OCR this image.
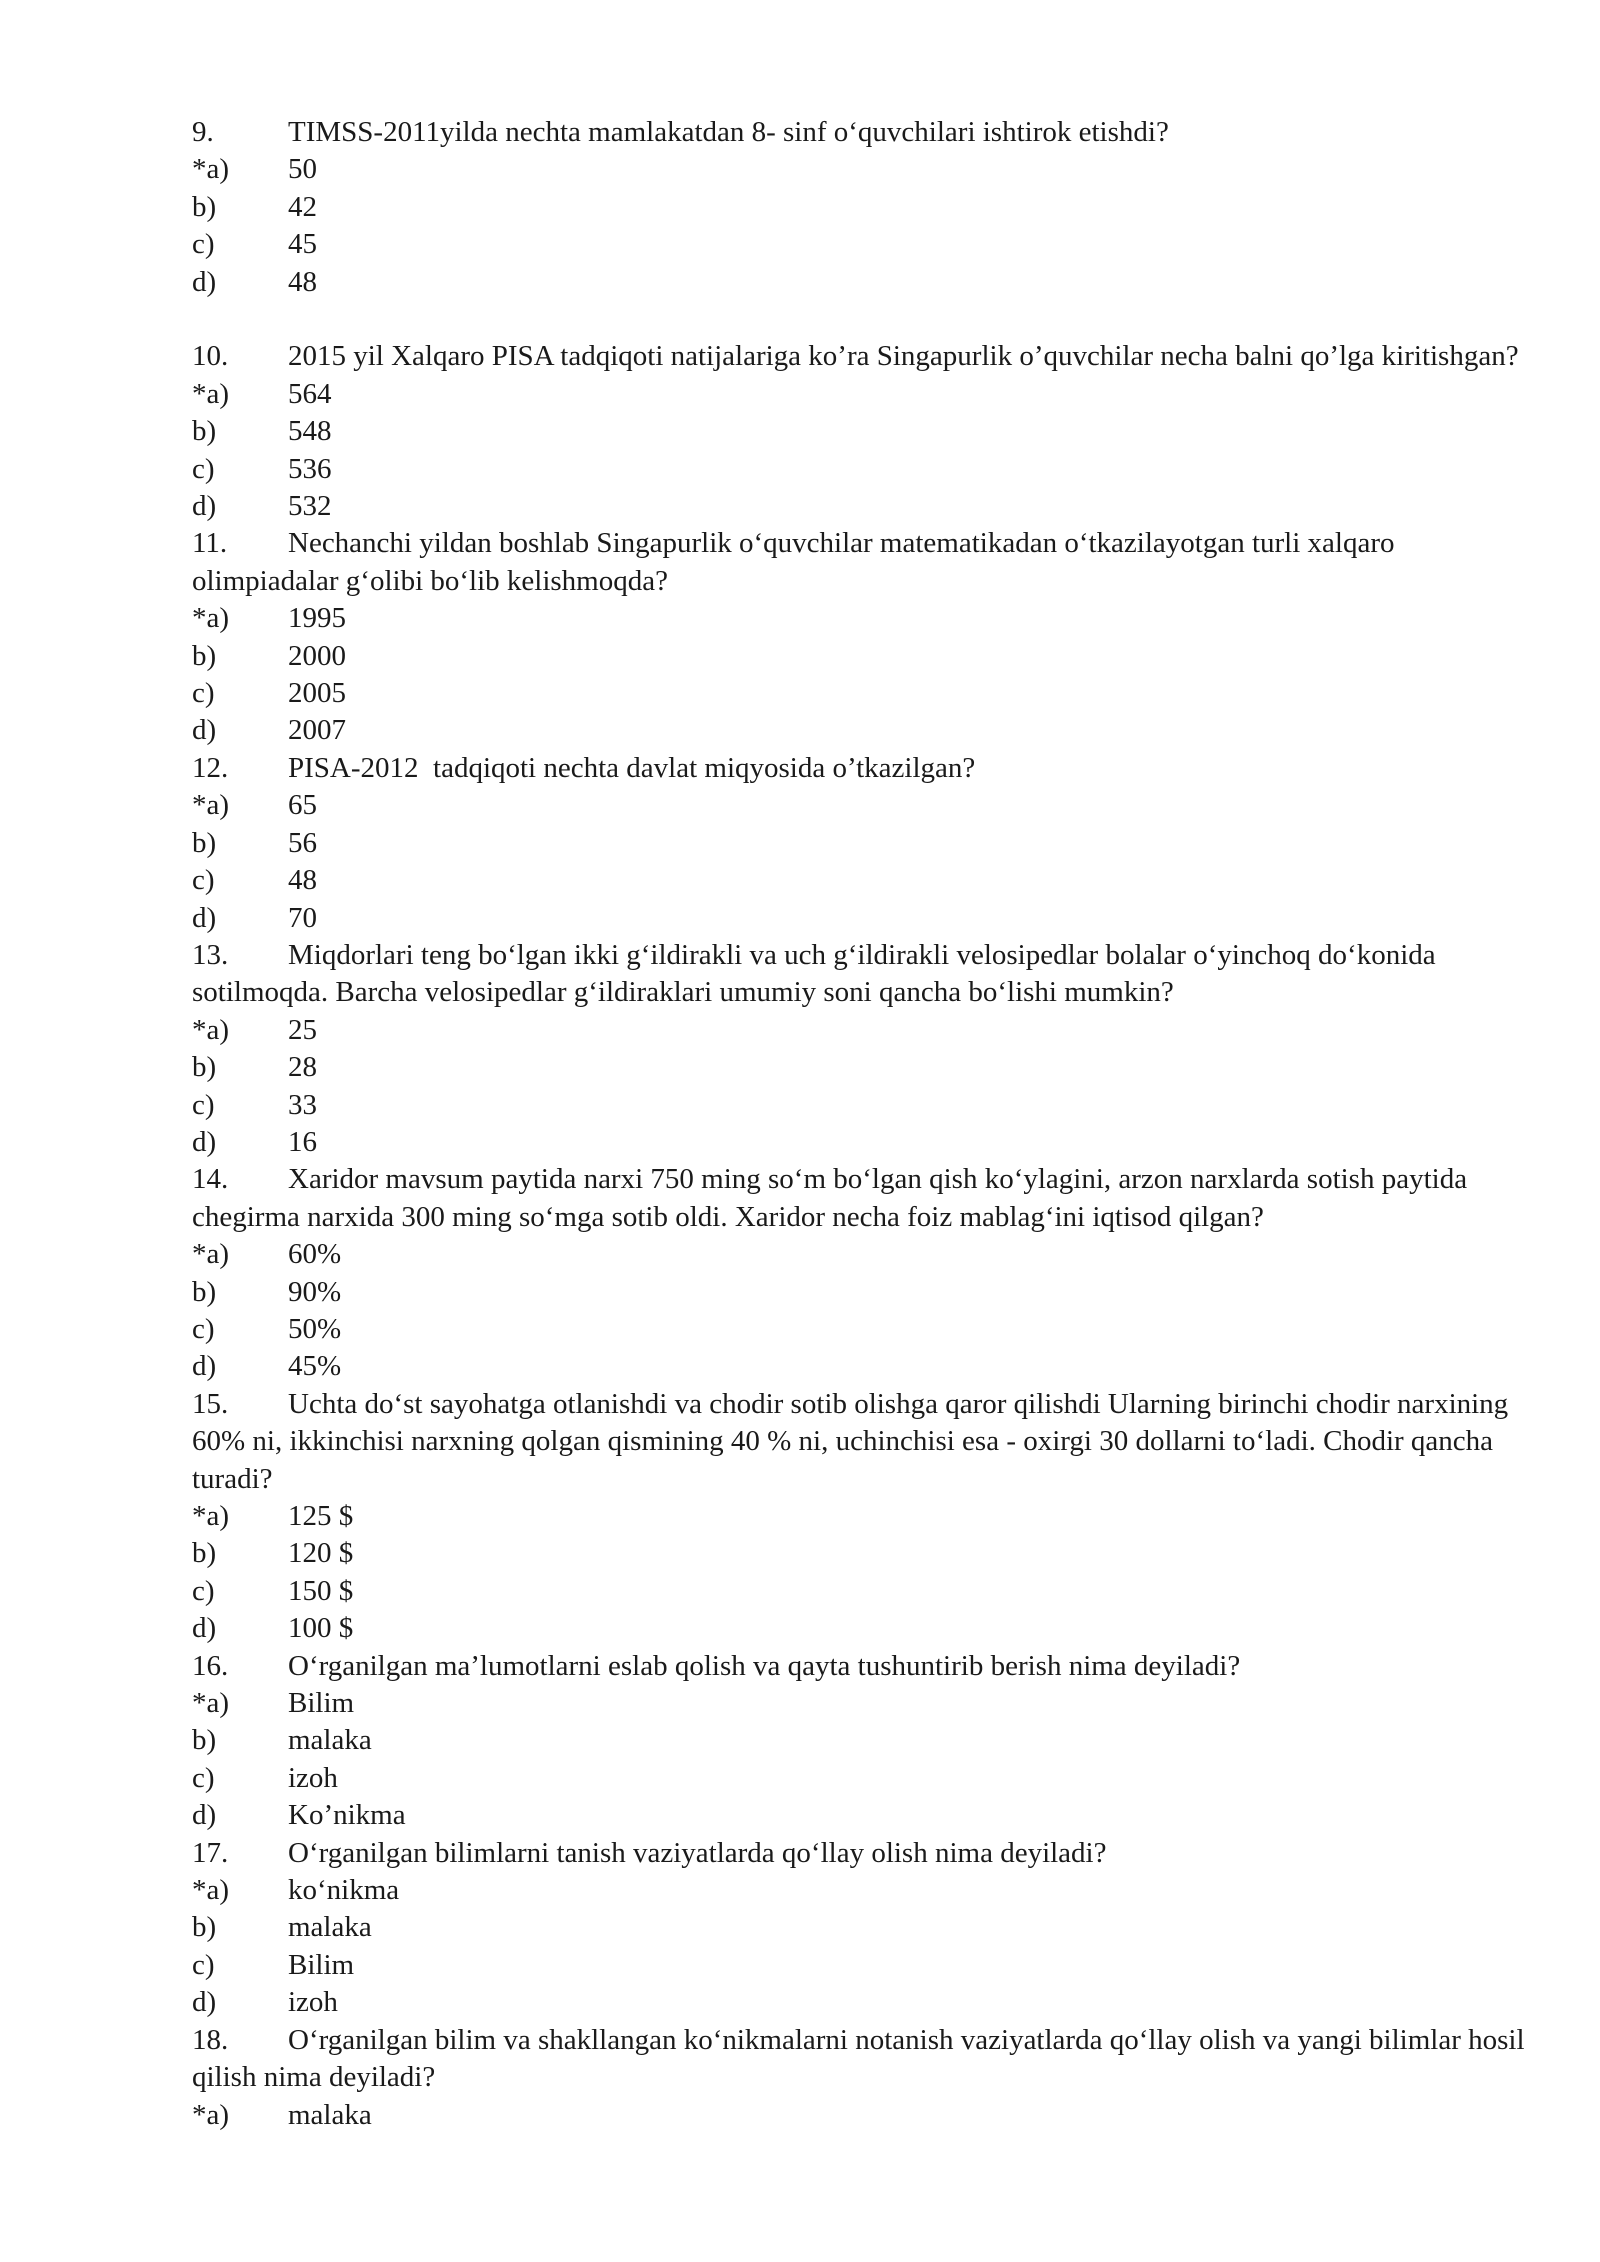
9.	TIMSS-2011yilda nechta mamlakatdan 8- sinf o‘quvchilari ishtirok etishdi?
*a) 50
b) 42
c)	45
d) 48
10. 2015 yil Xalqaro PISA tadqiqoti natijalariga ko’ra Singapurlik o’quvchilar necha balni qo’lga kiritishgan?
*a) 564
b) 548
c)	536
d) 532
11. Nechanchi yildan boshlab Singapurlik o‘quvchilar matematikadan o‘tkazilayotgan turli xalqaro olimpiadalar g‘olibi bo‘lib kelishmoqda?
*a) 1995
b) 2000
c)	2005
d) 2007
12. PISA-2012  tadqiqoti nechta davlat miqyosida o’tkazilgan?
*a) 65
b) 56
c)	48
d) 70
13. Miqdorlari teng bo‘lgan ikki g‘ildirakli va uch g‘ildirakli velosipedlar bolalar o‘yinchoq do‘konida sotilmoqda. Barcha velosipedlar g‘ildiraklari umumiy soni qancha bo‘lishi mumkin?
*a) 25
b) 28
c)	33
d) 16
14. Xaridor mavsum paytida narxi 750 ming so‘m bo‘lgan qish ko‘ylagini, arzon narxlarda sotish paytida chegirma narxida 300 ming so‘mga sotib oldi. Xaridor necha foiz mablag‘ini iqtisod qilgan?
*a) 60%
b) 90%
c)	50%
d) 45%
15. Uchta do‘st sayohatga otlanishdi va chodir sotib olishga qaror qilishdi Ularning birinchi chodir narxining 60% ni, ikkinchisi narxning qolgan qismining 40 % ni, uchinchisi esa - oxirgi 30 dollarni to‘ladi. Chodir qancha turadi?
*a) 125 $
b) 120 $
c)	150 $
d) 100 $
16. O‘rganilgan ma’lumotlarni eslab qolish va qayta tushuntirib berish nima deyiladi?
*a) Bilim
b) malaka
c)	izoh
d) Ko’nikma
17. O‘rganilgan bilimlarni tanish vaziyatlarda qo‘llay olish nima deyiladi?
*a) ko‘nikma
b) malaka
c)	Bilim
d) izoh
18. O‘rganilgan bilim va shakllangan ko‘nikmalarni notanish vaziyatlarda qo‘llay olish va yangi bilimlar hosil qilish nima deyiladi?
*a) malaka
